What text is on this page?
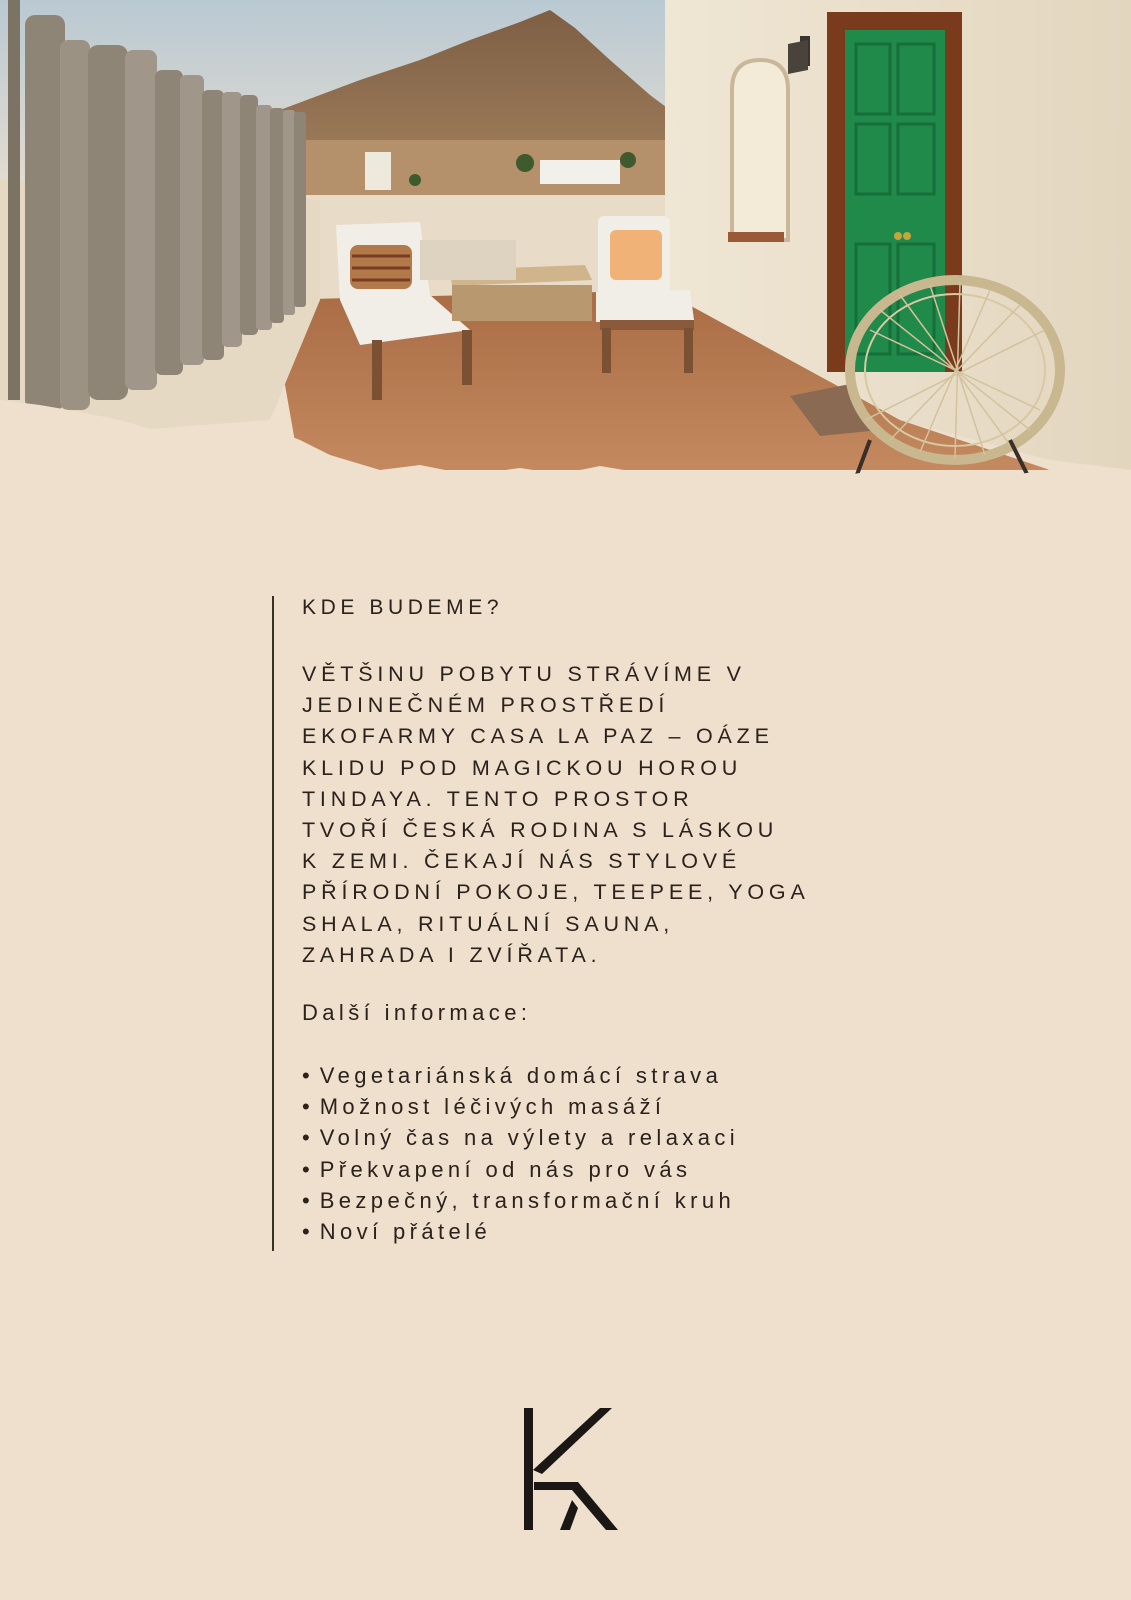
KDE BUDEME?

VĚTŠINU POBYTU STRÁVÍME V
JEDINEČNÉM PROSTŘEDÍ
EKOFARMY CASA LA PAZ – OÁZE
KLIDU POD MAGICKOU HOROU
TINDAYA. TENTO PROSTOR
TVOŘÍ ČESKÁ RODINA S LÁSKOU
K ZEMI. ČEKAJÍ NÁS STYLOVÉ
PŘÍRODNÍ POKOJE, TEEPEE, YOGA
SHALA, RITUÁLNÍ SAUNA,
ZAHRADA I ZVÍŘATA.

Další informace:

• Vegetariánská domácí strava
• Možnost léčivých masáží
• Volný čas na výlety a relaxaci
• Překvapení od nás pro vás
• Bezpečný, transformační kruh
• Noví přátelé
